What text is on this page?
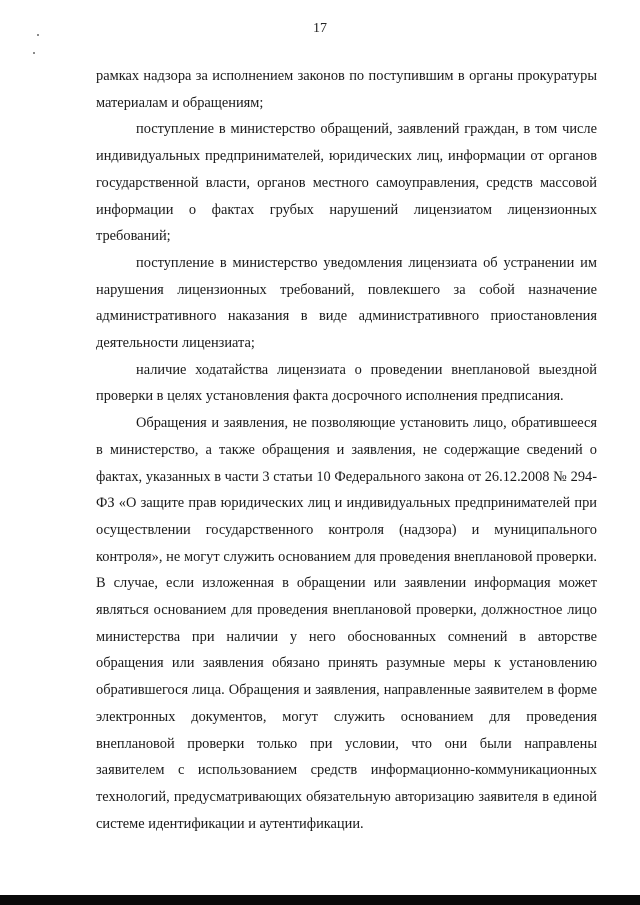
17

рамках надзора за исполнением законов по поступившим в органы прокуратуры материалам и обращениям;

поступление в министерство обращений, заявлений граждан, в том числе индивидуальных предпринимателей, юридических лиц, информации от органов государственной власти, органов местного самоуправления, средств массовой информации о фактах грубых нарушений лицензиатом лицензионных требований;

поступление в министерство уведомления лицензиата об устранении им нарушения лицензионных требований, повлекшего за собой назначение административного наказания в виде административного приостановления деятельности лицензиата;

наличие ходатайства лицензиата о проведении внеплановой выездной проверки в целях установления факта досрочного исполнения предписания.

Обращения и заявления, не позволяющие установить лицо, обратившееся в министерство, а также обращения и заявления, не содержащие сведений о фактах, указанных в части 3 статьи 10 Федерального закона от 26.12.2008 № 294-ФЗ «О защите прав юридических лиц и индивидуальных предпринимателей при осуществлении государственного контроля (надзора) и муниципального контроля», не могут служить основанием для проведения внеплановой проверки. В случае, если изложенная в обращении или заявлении информация может являться основанием для проведения внеплановой проверки, должностное лицо министерства при наличии у него обоснованных сомнений в авторстве обращения или заявления обязано принять разумные меры к установлению обратившегося лица. Обращения и заявления, направленные заявителем в форме электронных документов, могут служить основанием для проведения внеплановой проверки только при условии, что они были направлены заявителем с использованием средств информационно-коммуникационных технологий, предусматривающих обязательную авторизацию заявителя в единой системе идентификации и аутентификации.
